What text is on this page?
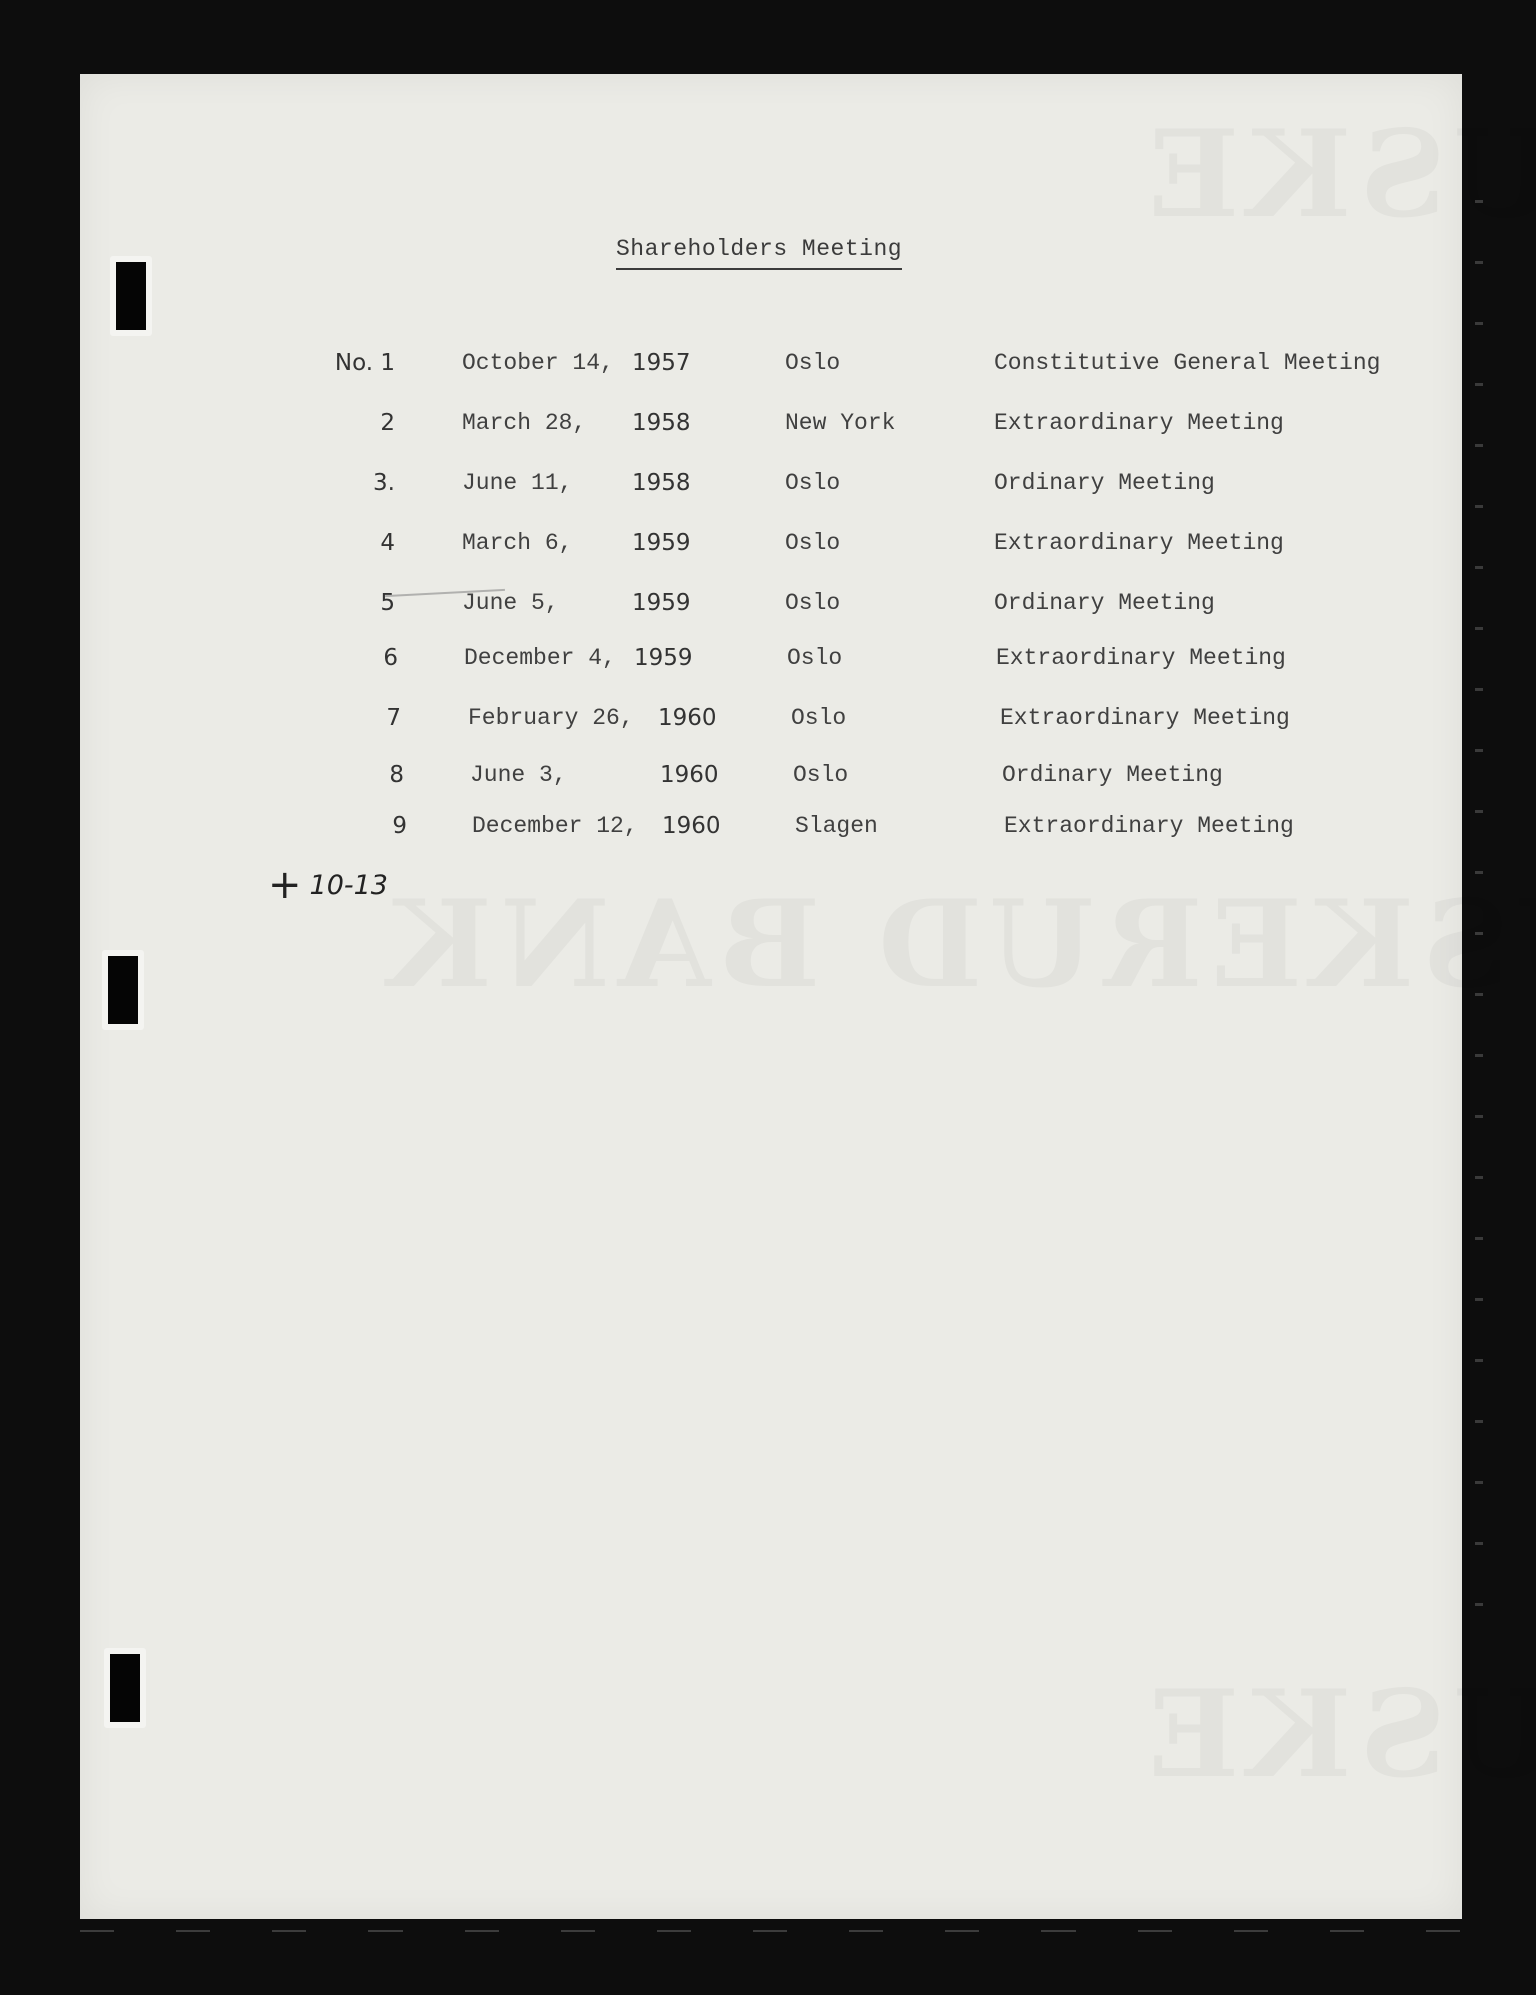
Shareholders Meeting
No. 1	October 14, 1957	Oslo	Constitutive General Meeting
2	March 28, 1958	New York	Extraordinary Meeting
3.	June 11,	1958	Oslo	Ordinary Meeting
4	March 6,	1959	Oslo	Extraordinary Meeting
5	June 5,	1959	Oslo	Ordinary Meeting
6	December 4, 1959	Oslo	Extraordinary Meeting
7	February 26, 1960	Oslo	Extraordinary Meeting
8	June 3,	1960	Oslo	Ordinary Meeting
9	December 12, 1960	Slagen	Extraordinary Meeting
+ 10-13
